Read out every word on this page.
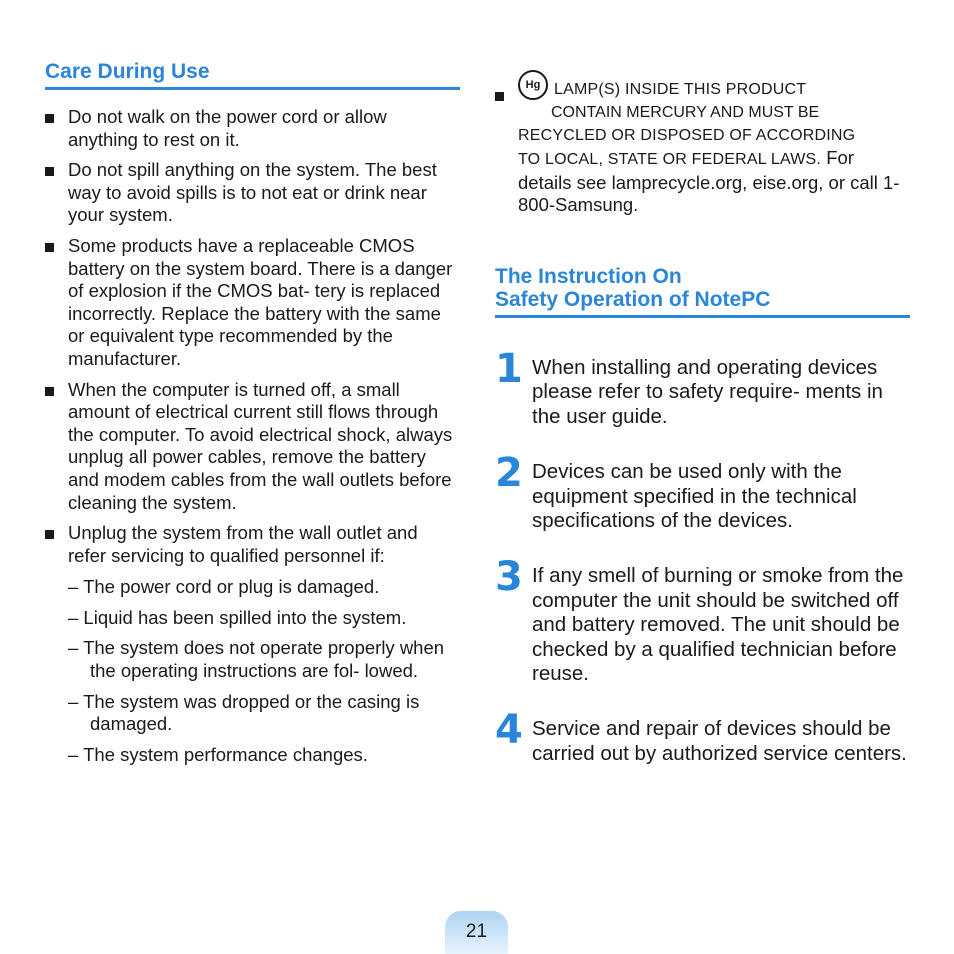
Care During Use
Do not walk on the power cord or allow anything to rest on it.
Do not spill anything on the system. The best way to avoid spills is to not eat or drink near your system.
Some products have a replaceable CMOS battery on the system board. There is a danger of explosion if the CMOS bat- tery is replaced incorrectly. Replace the battery with the same or equivalent type recommended by the manufacturer.
When the computer is turned off, a small amount of electrical current still flows through the computer. To avoid electrical shock, always unplug all power cables, remove the battery and modem cables from the wall outlets before cleaning the system.
Unplug the system from the wall outlet and refer servicing to qualified personnel if:
– The power cord or plug is damaged.
– Liquid has been spilled into the system.
– The system does not operate properly when the operating instructions are fol- lowed.
– The system was dropped or the casing is damaged.
– The system performance changes.
Hg LAMP(S) INSIDE THIS PRODUCT
CONTAIN MERCURY AND MUST BE
RECYCLED OR DISPOSED OF ACCORDING
TO LOCAL, STATE OR FEDERAL LAWS. For details see lamprecycle.org, eise.org, or call 1-800-Samsung.
The Instruction On
Safety Operation of NotePC
1 When installing and operating devices please refer to safety require- ments in the user guide.
2 Devices can be used only with the equipment specified in the technical specifications of the devices.
3 If any smell of burning or smoke from the computer the unit should be switched off and battery removed. The unit should be checked by a qualified technician before reuse.
4 Service and repair of devices should be carried out by authorized service centers.
21
